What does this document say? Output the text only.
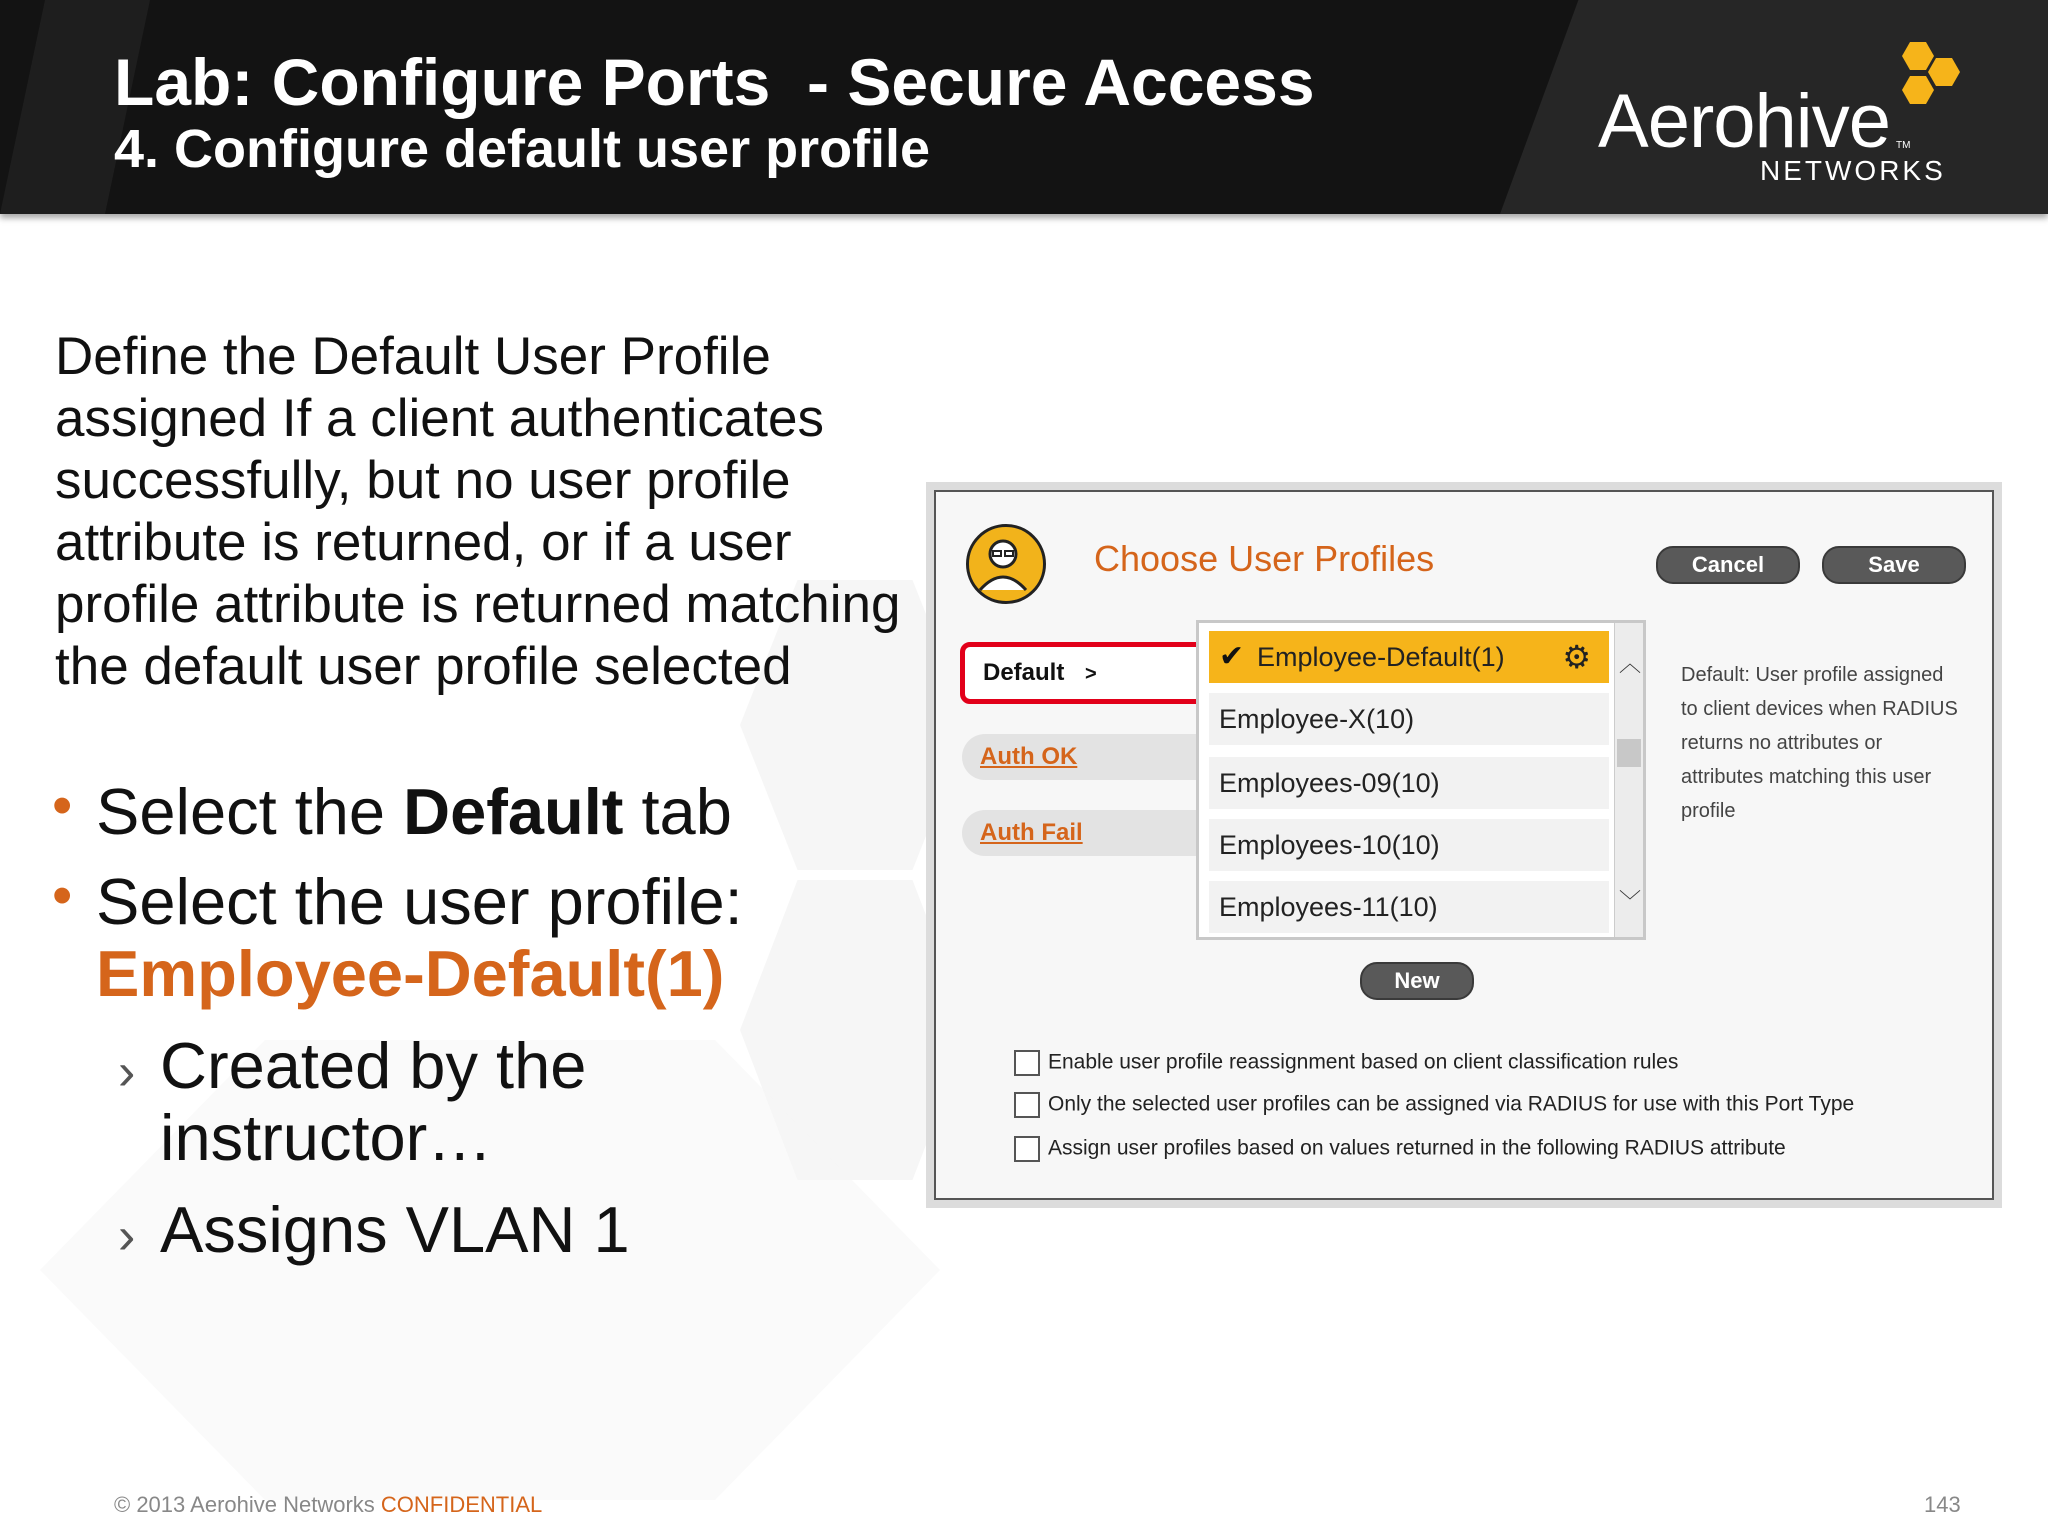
Lab: Configure Ports  - Secure Access
4. Configure default user profile	Aerohive TM
NETWORKS
Define the Default User Profile assigned If a client authenticates successfully, but no user profile attribute is returned, or if a user profile attribute is returned matching the default user profile selected
• Select the Default tab
• Select the user profile:
Employee-Default(1)
› Created by the instructor…
› Assigns VLAN 1
Choose User Profiles	Cancel	Save
Default >
Auth OK
Auth Fail
✔ Employee-Default(1) ⚙
Employee-X(10)
Employees-09(10)
Employees-10(10)
Employees-11(10)
︿
﹀
New
Default: User profile assigned to client devices when RADIUS returns no attributes or attributes matching this user profile
Enable user profile reassignment based on client classification rules
Only the selected user profiles can be assigned via RADIUS for use with this Port Type
Assign user profiles based on values returned in the following RADIUS attribute
© 2013 Aerohive Networks CONFIDENTIAL	143
